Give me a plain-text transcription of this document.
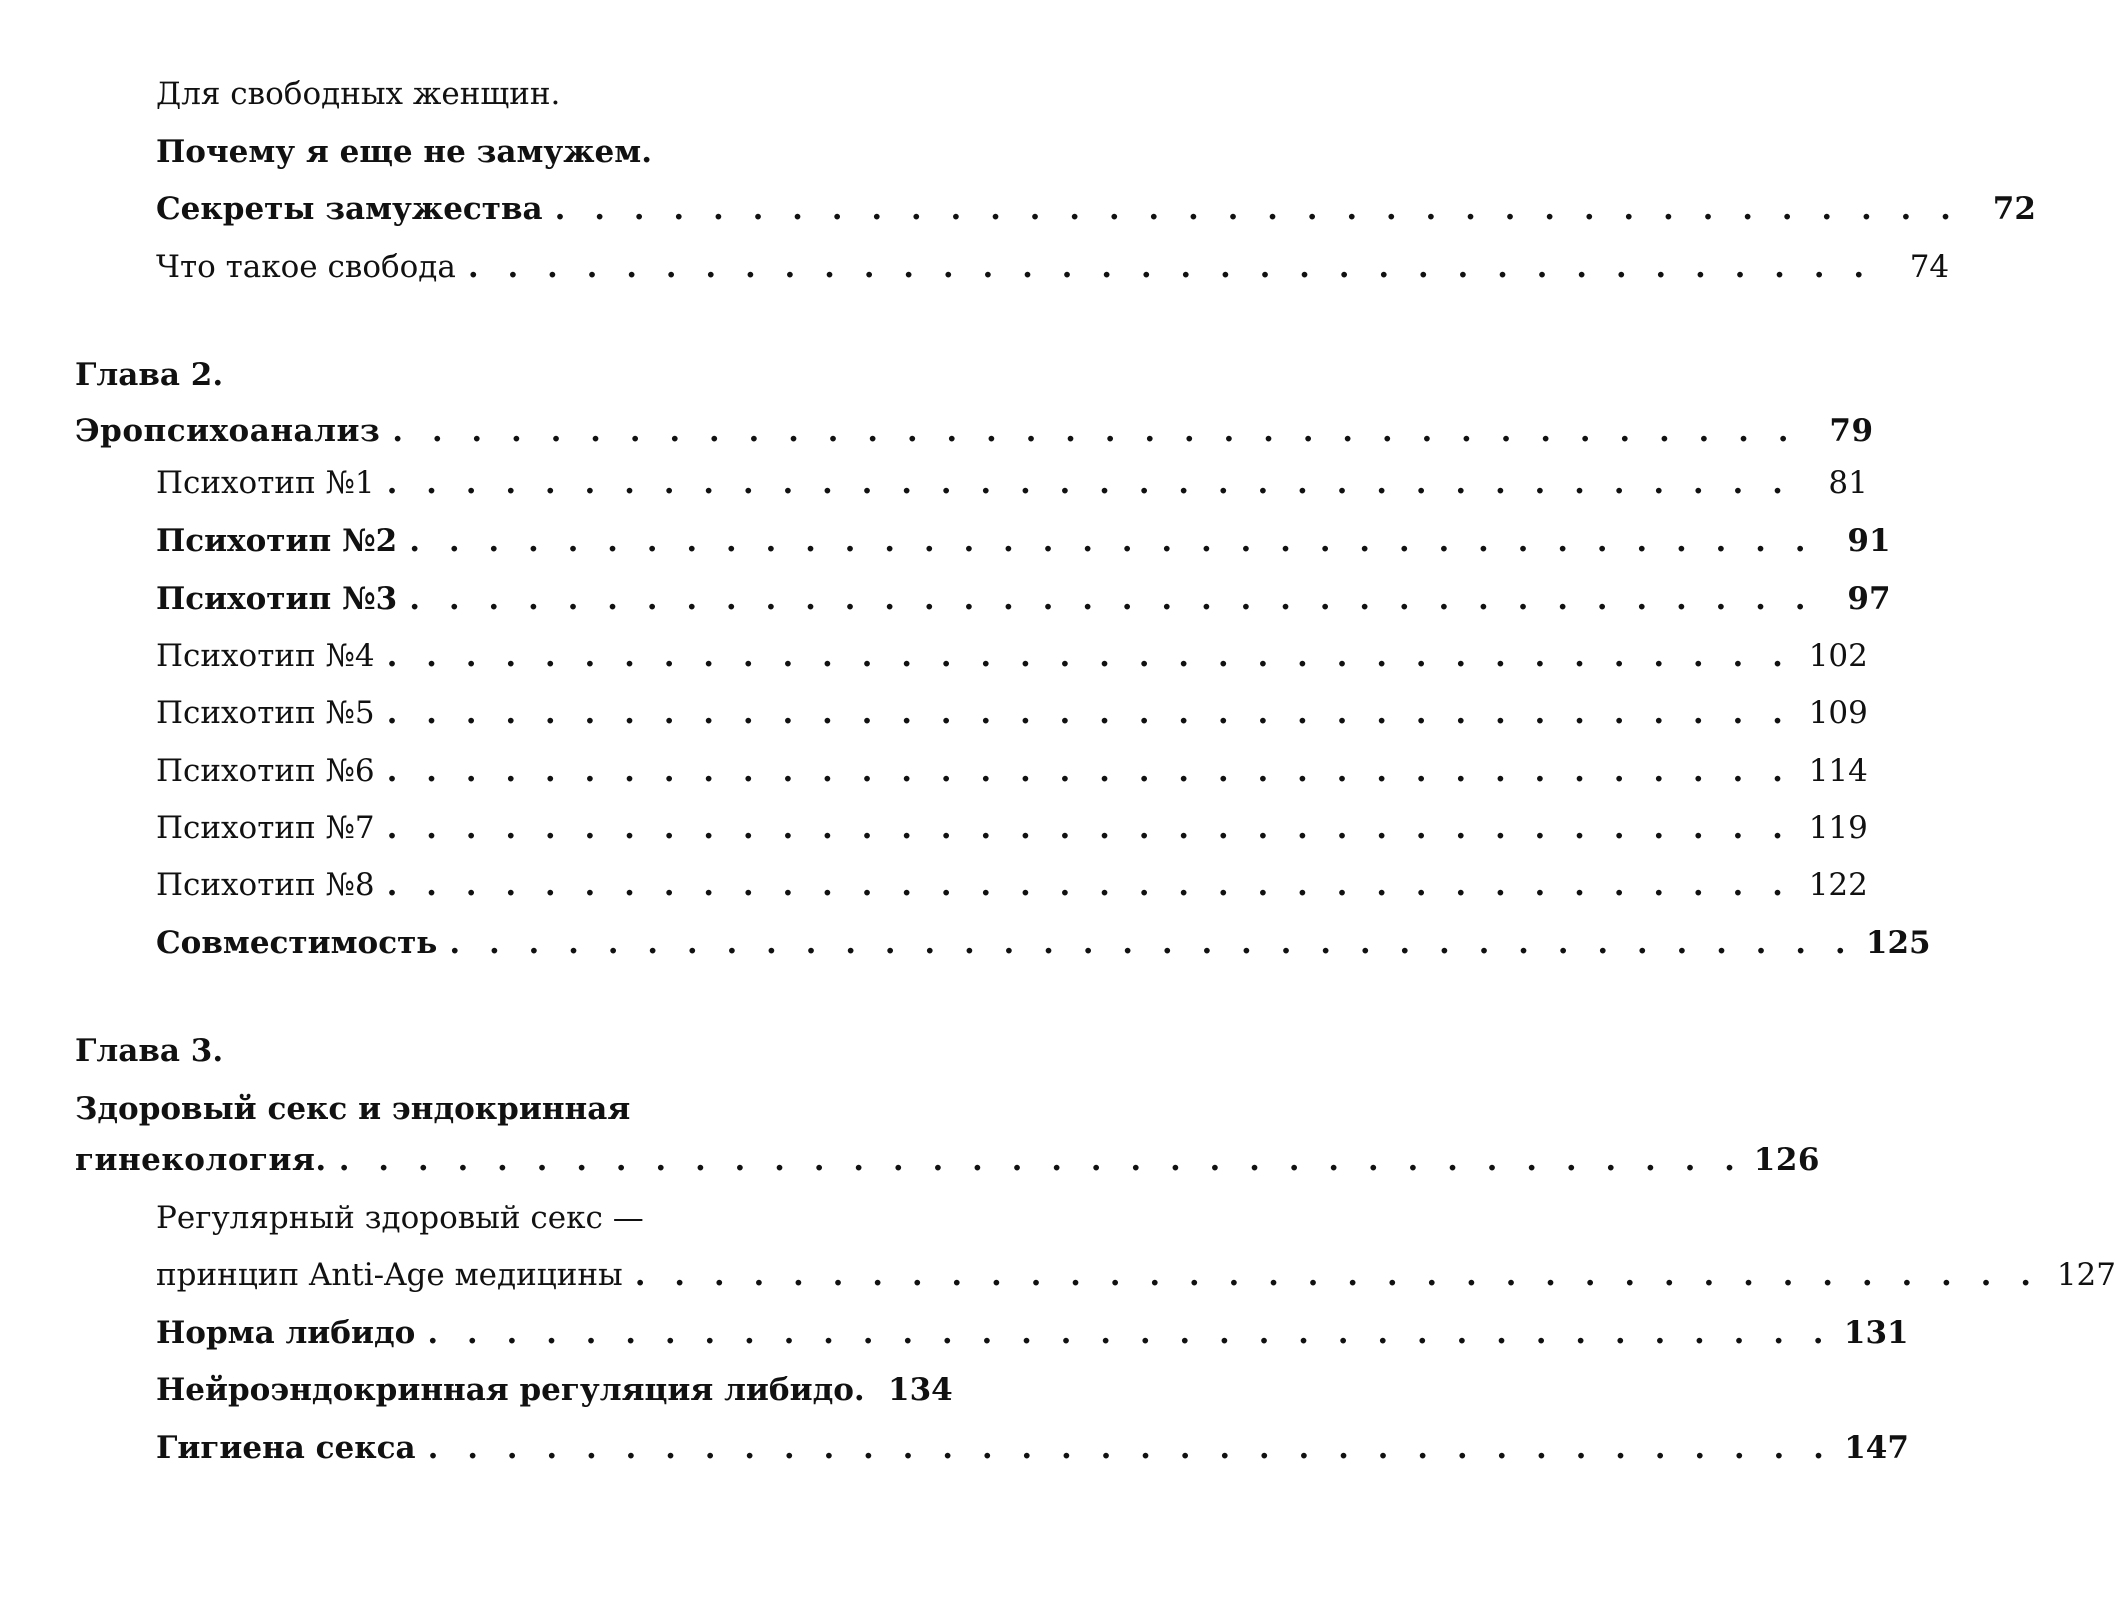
Для свободных женщин.
Почему я еще не замужем.
Секреты замужества . . . . . . . . . . . . . . . . . . . . . . . . . . . . . . . . . . . .	72
Что такое свобода . . . . . . . . . . . . . . . . . . . . . . . . . . . . . . . . . . . .	74
Глава 2.
Эропсихоанализ . . . . . . . . . . . . . . . . . . . . . . . . . . . . . . . . . . . .	79
Психотип №1 . . . . . . . . . . . . . . . . . . . . . . . . . . . . . . . . . . . .	81
Психотип №2 . . . . . . . . . . . . . . . . . . . . . . . . . . . . . . . . . . . .	91
Психотип №3 . . . . . . . . . . . . . . . . . . . . . . . . . . . . . . . . . . . .	97
Психотип №4 . . . . . . . . . . . . . . . . . . . . . . . . . . . . . . . . . . . . 102
Психотип №5 . . . . . . . . . . . . . . . . . . . . . . . . . . . . . . . . . . . . 109
Психотип №6 . . . . . . . . . . . . . . . . . . . . . . . . . . . . . . . . . . . . 114
Психотип №7 . . . . . . . . . . . . . . . . . . . . . . . . . . . . . . . . . . . . 119
Психотип №8 . . . . . . . . . . . . . . . . . . . . . . . . . . . . . . . . . . . . 122
Совместимость . . . . . . . . . . . . . . . . . . . . . . . . . . . . . . . . . . . . 125
Глава 3.
Здоровый секс и эндокринная
гинекология. . . . . . . . . . . . . . . . . . . . . . . . . . . . . . . . . . . . . 126
Регулярный здоровый секс —
принцип Anti-Age медицины . . . . . . . . . . . . . . . . . . . . . . . . . . . . . . . . . . . . 127
Норма либидо . . . . . . . . . . . . . . . . . . . . . . . . . . . . . . . . . . . . 131
Нейроэндокринная регуляция либидо. 134
Гигиена секса . . . . . . . . . . . . . . . . . . . . . . . . . . . . . . . . . . . . 147
